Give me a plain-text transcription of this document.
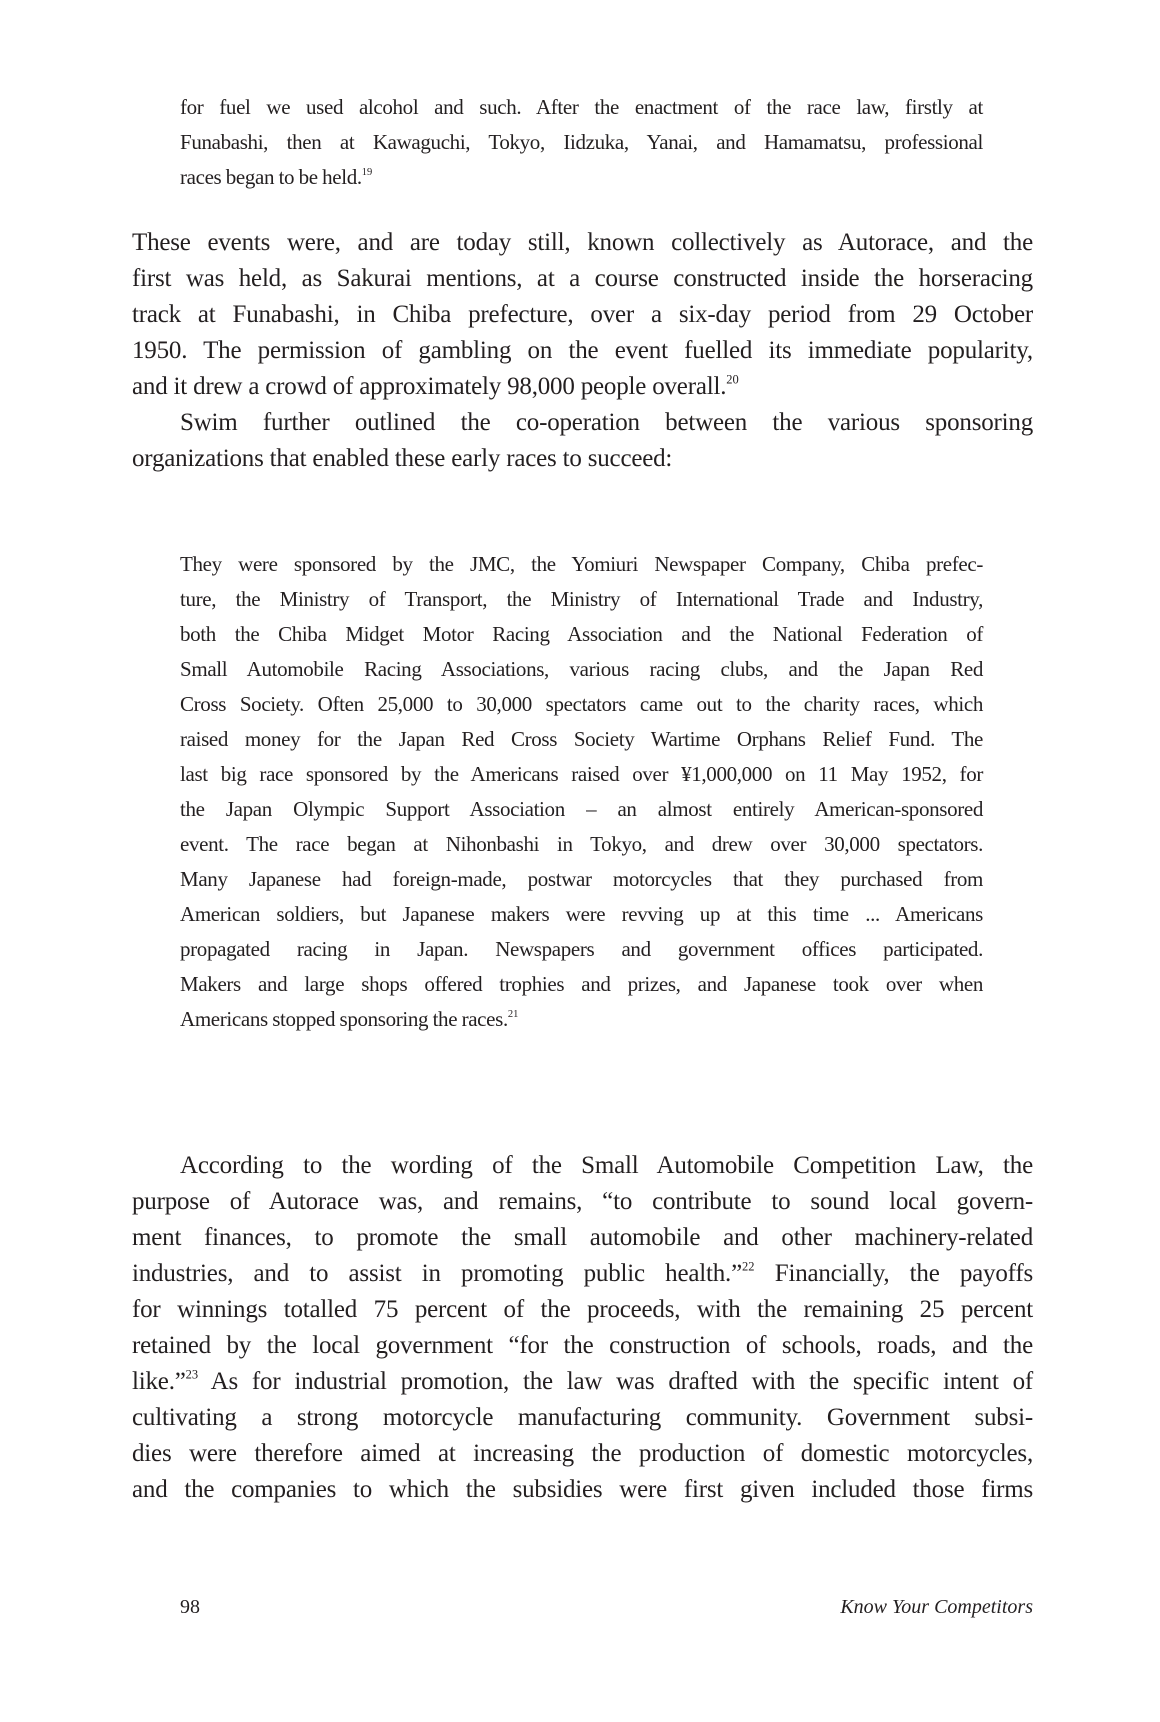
for fuel we used alcohol and such. After the enactment of the race law, firstly at
Funabashi, then at Kawaguchi, Tokyo, Iidzuka, Yanai, and Hamamatsu, professional
races began to be held.$^{19}$
These events were, and are today still, known collectively as Autorace, and the
first was held, as Sakurai mentions, at a course constructed inside the horseracing
track at Funabashi, in Chiba prefecture, over a six-day period from 29 October
1950. The permission of gambling on the event fuelled its immediate popularity,
and it drew a crowd of approximately 98,000 people overall.$^{20}$
Swim further outlined the co-operation between the various sponsoring
organizations that enabled these early races to succeed:
They were sponsored by the JMC, the Yomiuri Newspaper Company, Chiba prefec-
ture, the Ministry of Transport, the Ministry of International Trade and Industry,
both the Chiba Midget Motor Racing Association and the National Federation of
Small Automobile Racing Associations, various racing clubs, and the Japan Red
Cross Society. Often 25,000 to 30,000 spectators came out to the charity races, which
raised money for the Japan Red Cross Society Wartime Orphans Relief Fund. The
last big race sponsored by the Americans raised over ¥1,000,000 on 11 May 1952, for
the Japan Olympic Support Association – an almost entirely American-sponsored
event. The race began at Nihonbashi in Tokyo, and drew over 30,000 spectators.
Many Japanese had foreign-made, postwar motorcycles that they purchased from
American soldiers, but Japanese makers were revving up at this time ... Americans
propagated racing in Japan. Newspapers and government offices participated.
Makers and large shops offered trophies and prizes, and Japanese took over when
Americans stopped sponsoring the races.$^{21}$
According to the wording of the Small Automobile Competition Law, the
purpose of Autorace was, and remains, “to contribute to sound local govern-
ment finances, to promote the small automobile and other machinery-related
industries, and to assist in promoting public health.”$^{22}$ Financially, the payoffs
for winnings totalled 75 percent of the proceeds, with the remaining 25 percent
retained by the local government “for the construction of schools, roads, and the
like.”$^{23}$ As for industrial promotion, the law was drafted with the specific intent of
cultivating a strong motorcycle manufacturing community. Government subsi-
dies were therefore aimed at increasing the production of domestic motorcycles,
and the companies to which the subsidies were first given included those firms
98	Know Your Competitors
